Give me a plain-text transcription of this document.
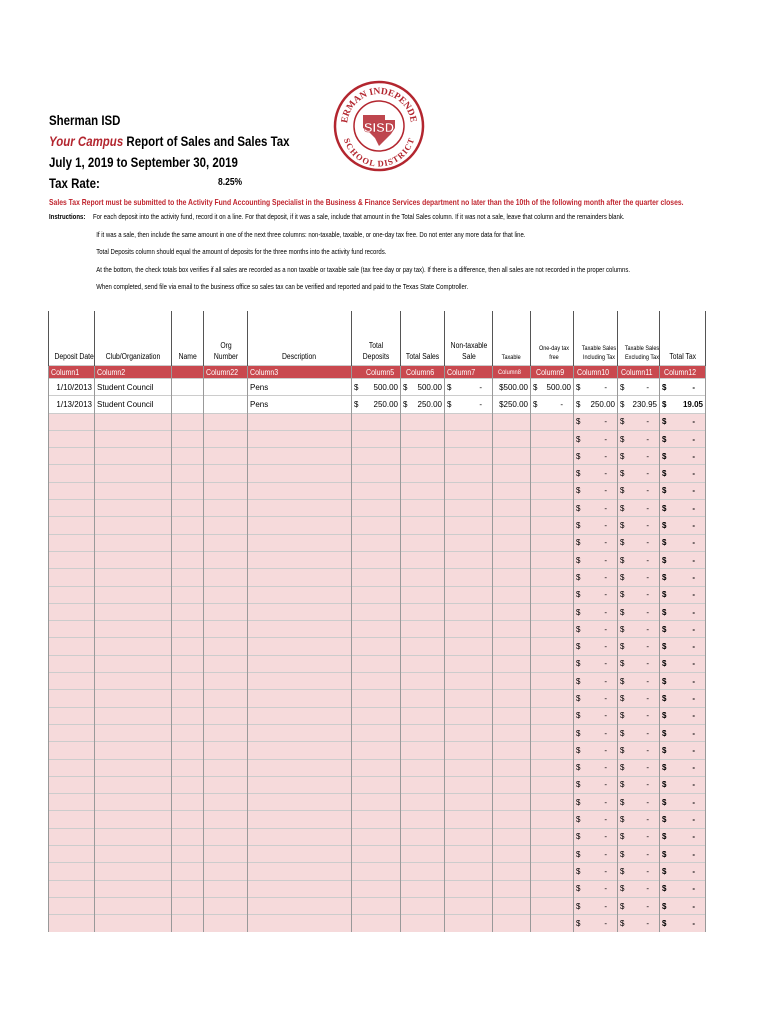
ERMAN INDEPENDE
SCHOOL DISTRICT
SISD
Sherman ISD
Your Campus Report of Sales and Sales Tax
July 1, 2019 to September 30, 2019
Tax Rate:	8.25%
Sales Tax Report must be submitted to the Activity Fund Accounting Specialist in the Business & Finance Services department no later than the 10th of the following month after the quarter closes.
Instructions: For each deposit into the activity fund, record it on a line. For that deposit, if it was a sale, include that amount in the Total Sales column. If it was not a sale, leave that column and the remainders blank.
If it was a sale, then include the same amount in one of the next three columns: non-taxable, taxable, or one-day tax free. Do not enter any more data for that line.
Total Deposits column should equal the amount of deposits for the three months into the activity fund records.
At the bottom, the check totals box verifies if all sales are recorded as a non taxable or taxable sale (tax free day or pay tax). If there is a difference, then all sales are not recorded in the proper columns.
When completed, send file via email to the business office so sales tax can be verified and reported and paid to the Texas State Comptroller.
Deposit Date	Club/Organization	Name	Org Number	Description	Total Deposits	Total Sales	Non-taxable Sale	Taxable	One-day tax free	Taxable Sales Including Tax	Taxable Sales Excluding Tax	Total Tax
Column1	Column2		Column22	Column3	Column5	Column6	Column7	Column8	Column9	Column10	Column11	Column12
1/10/2013	Student Council			Pens	$ 500.00	$ 500.00	$ -	$500.00	$ 500.00	$ -	$ -	$ -

1/13/2013	Student Council			Pens	$ 250.00	$ 250.00	$ -	$250.00	$ -	$ 250.00	$ 230.95	$ 19.05

										$ -	$ -	$ -

										$ -	$ -	$ -

										$ -	$ -	$ -

										$ -	$ -	$ -

										$ -	$ -	$ -

										$ -	$ -	$ -

										$ -	$ -	$ -

										$ -	$ -	$ -

										$ -	$ -	$ -

										$ -	$ -	$ -

										$ -	$ -	$ -

										$ -	$ -	$ -

										$ -	$ -	$ -

										$ -	$ -	$ -

										$ -	$ -	$ -

										$ -	$ -	$ -

										$ -	$ -	$ -

										$ -	$ -	$ -

										$ -	$ -	$ -

										$ -	$ -	$ -

										$ -	$ -	$ -

										$ -	$ -	$ -

										$ -	$ -	$ -

										$ -	$ -	$ -

										$ -	$ -	$ -

										$ -	$ -	$ -

										$ -	$ -	$ -

										$ -	$ -	$ -

										$ -	$ -	$ -

										$ -	$ -	$ -
